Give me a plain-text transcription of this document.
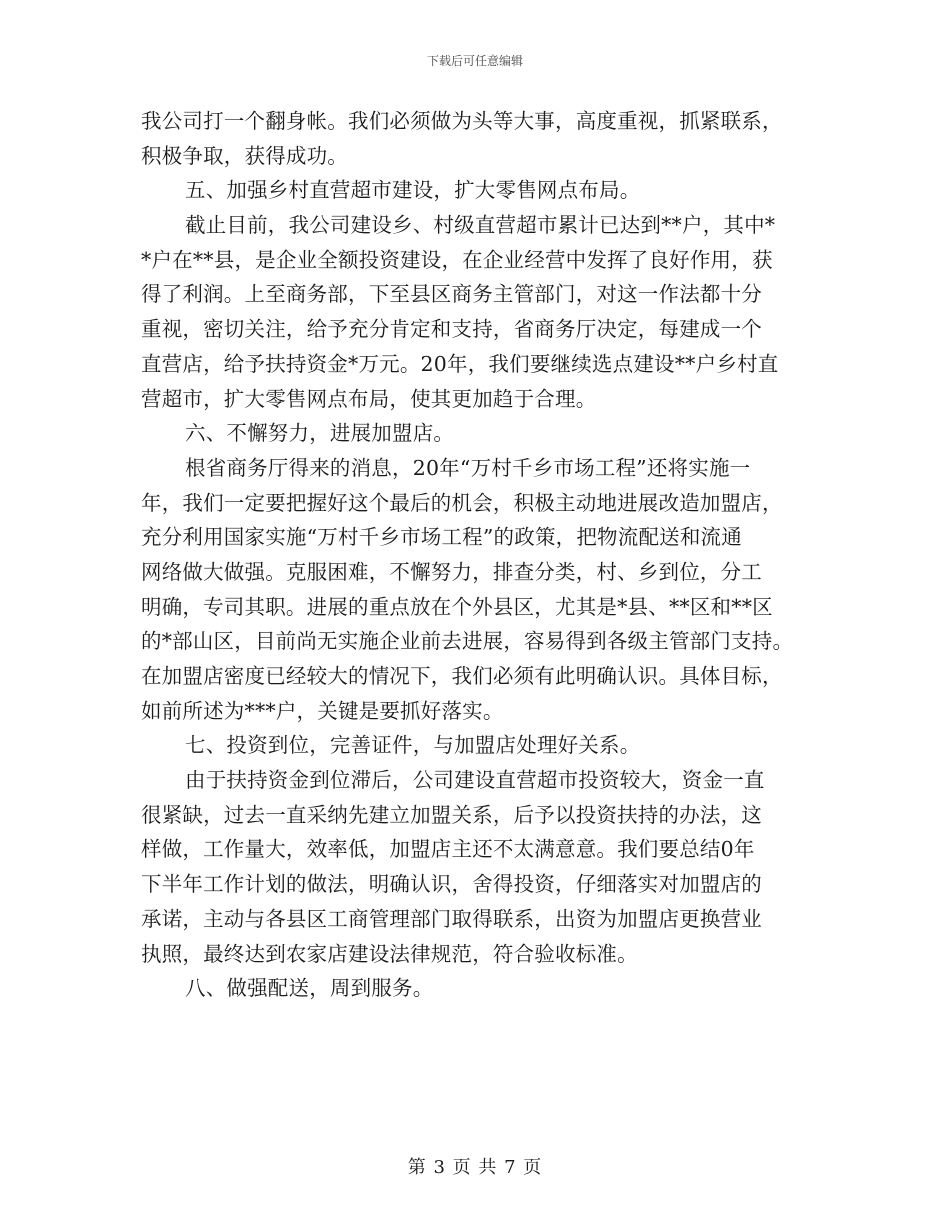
下载后可任意编辑
我公司打一个翻身帐。我们必须做为头等大事，高度重视，抓紧联系，
积极争取，获得成功。
五、加强乡村直营超市建设，扩大零售网点布局。
截止目前，我公司建设乡、村级直营超市累计已达到**户，其中*
*户在**县，是企业全额投资建设，在企业经营中发挥了良好作用，获
得了利润。上至商务部，下至县区商务主管部门，对这一作法都十分
重视，密切关注，给予充分肯定和支持，省商务厅决定，每建成一个
直营店，给予扶持资金*万元。20年，我们要继续选点建设**户乡村直
营超市，扩大零售网点布局，使其更加趋于合理。
六、不懈努力，进展加盟店。
根省商务厅得来的消息，20年“万村千乡市场工程”还将实施一
年，我们一定要把握好这个最后的机会，积极主动地进展改造加盟店，
充分利用国家实施“万村千乡市场工程”的政策，把物流配送和流通
网络做大做强。克服困难，不懈努力，排查分类，村、乡到位，分工
明确，专司其职。进展的重点放在个外县区，尤其是*县、**区和**区
的*部山区，目前尚无实施企业前去进展，容易得到各级主管部门支持。
在加盟店密度已经较大的情况下，我们必须有此明确认识。具体目标，
如前所述为***户，关键是要抓好落实。
七、投资到位，完善证件，与加盟店处理好关系。
由于扶持资金到位滞后，公司建设直营超市投资较大，资金一直
很紧缺，过去一直采纳先建立加盟关系，后予以投资扶持的办法，这
样做，工作量大，效率低，加盟店主还不太满意意。我们要总结0年
下半年工作计划的做法，明确认识，舍得投资，仔细落实对加盟店的
承诺，主动与各县区工商管理部门取得联系，出资为加盟店更换营业
执照，最终达到农家店建设法律规范，符合验收标准。
八、做强配送，周到服务。
第 3 页 共 7 页
